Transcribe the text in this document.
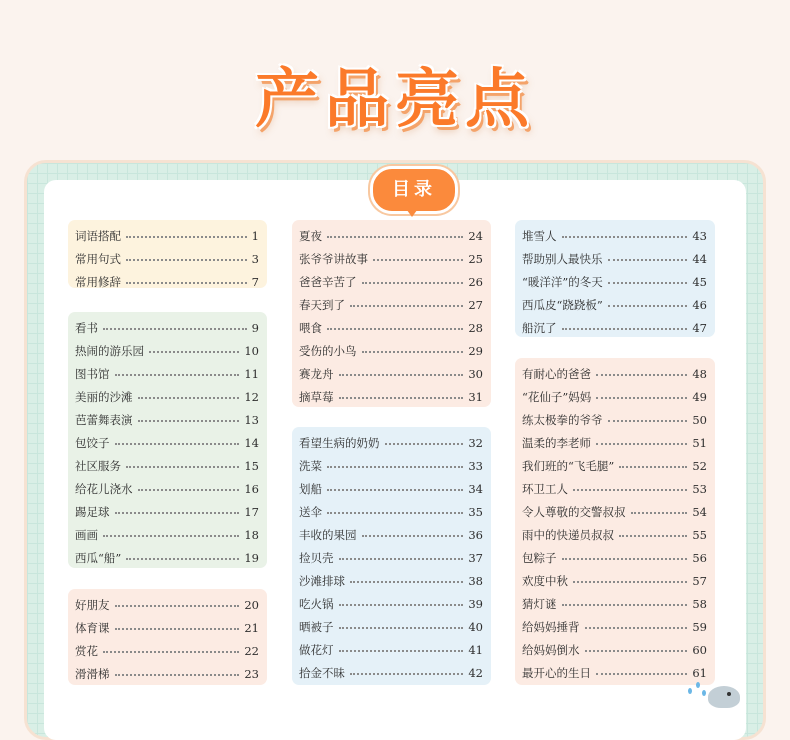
产品亮点
目录
词语搭配	1
常用句式	3
常用修辞	7
看书	9
热闹的游乐园	10
图书馆	11
美丽的沙滩	12
芭蕾舞表演	13
包饺子	14
社区服务	15
给花儿浇水	16
踢足球	17
画画	18
西瓜“船”	19
好朋友	20
体育课	21
赏花	22
滑滑梯	23
夏夜	24
张爷爷讲故事	25
爸爸辛苦了	26
春天到了	27
喂食	28
受伤的小鸟	29
赛龙舟	30
摘草莓	31
看望生病的奶奶	32
洗菜	33
划船	34
送伞	35
丰收的果园	36
捡贝壳	37
沙滩排球	38
吃火锅	39
晒被子	40
做花灯	41
拾金不昧	42
堆雪人	43
帮助别人最快乐	44
“暖洋洋”的冬天	45
西瓜皮“跷跷板”	46
船沉了	47
有耐心的爸爸	48
“花仙子”妈妈	49
练太极拳的爷爷	50
温柔的李老师	51
我们班的“飞毛腿”	52
环卫工人	53
令人尊敬的交警叔叔	54
雨中的快递员叔叔	55
包粽子	56
欢度中秋	57
猜灯谜	58
给妈妈捶背	59
给妈妈倒水	60
最开心的生日	61
